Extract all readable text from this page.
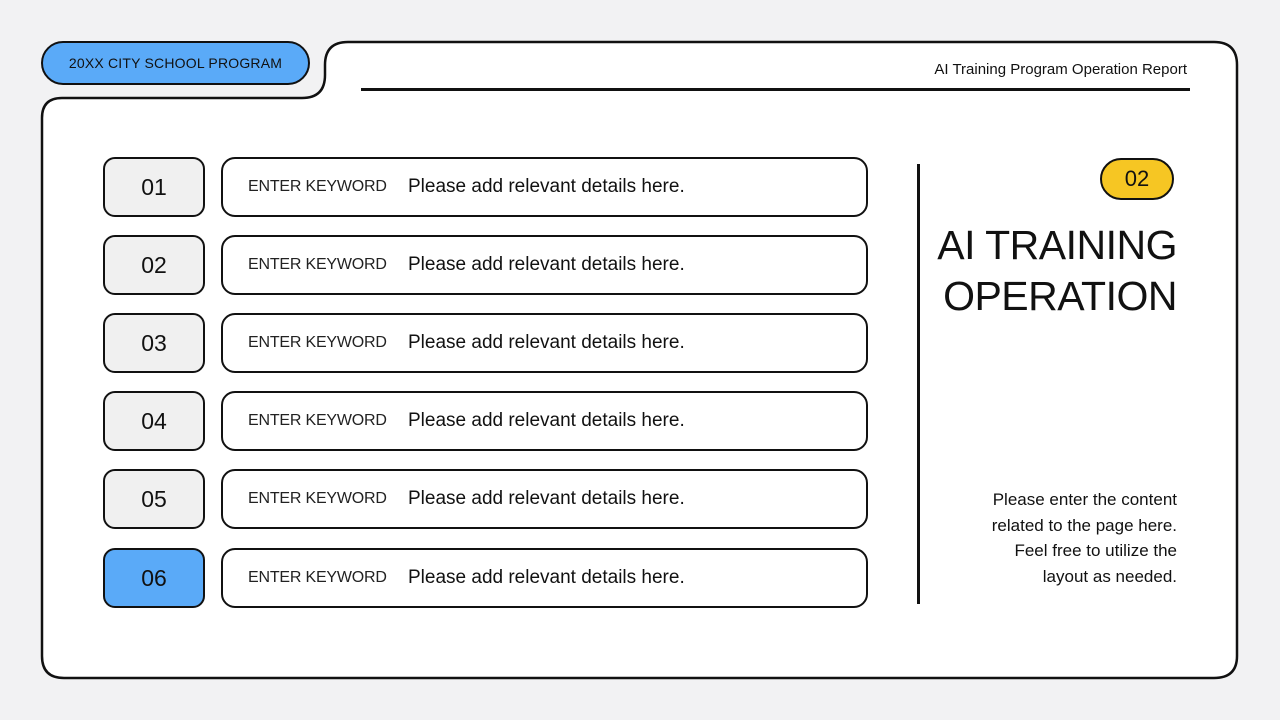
20XX CITY SCHOOL PROGRAM	AI Training Program Operation Report
01	ENTER KEYWORD Please add relevant details here.
02	ENTER KEYWORD Please add relevant details here.
03	ENTER KEYWORD Please add relevant details here.
04	ENTER KEYWORD Please add relevant details here.
05	ENTER KEYWORD Please add relevant details here.
06	ENTER KEYWORD Please add relevant details here.
02
AI TRAINING
OPERATION
Please enter the content
related to the page here.
Feel free to utilize the
layout as needed.
